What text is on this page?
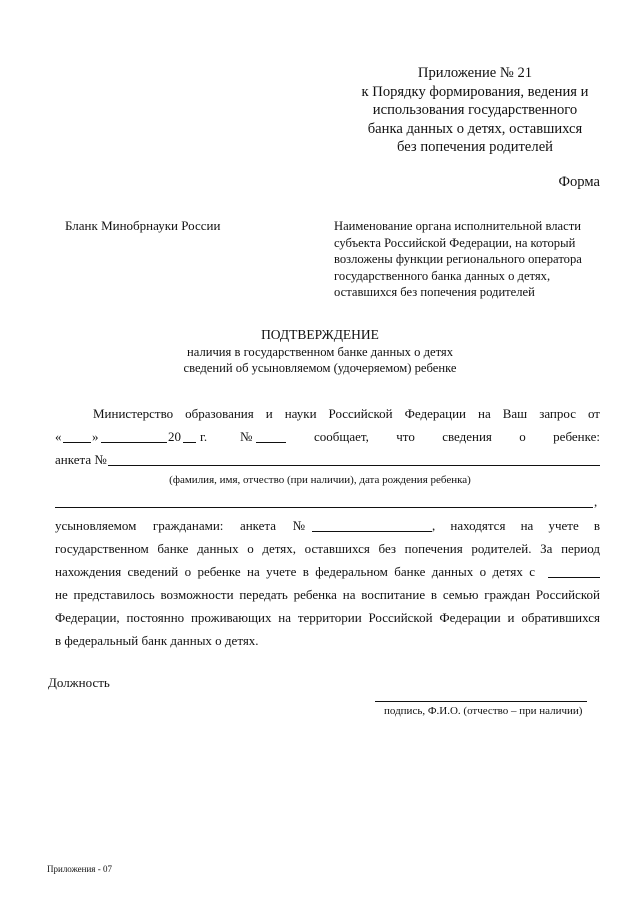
Приложение № 21
к Порядку формирования, ведения и
использования государственного
банка данных о детях, оставшихся
без попечения родителей
Форма
Бланк Минобрнауки России	Наименование органа исполнительной власти
субъекта Российской Федерации, на который
возложены функции регионального оператора
государственного банка данных о детях,
оставшихся без попечения родителей
ПОДТВЕРЖДЕНИЕ
наличия в государственном банке данных о детях
сведений об усыновляемом (удочеряемом) ребенке
Министерство образования и науки Российской Федерации на Ваш запрос от
« »	20 г.	№	сообщает, что сведения о ребенке:
анкета №
(фамилия, имя, отчество (при наличии), дата рождения ребенка)
,
усыновляемом гражданами: анкета №	, находятся на учете в
государственном банке данных о детях, оставшихся без попечения родителей. За период
нахождения сведений о ребенке на учете в федеральном банке данных о детях с
не представилось возможности передать ребенка на воспитание в семью граждан Российской
Федерации, постоянно проживающих на территории Российской Федерации и обратившихся
в федеральный банк данных о детях.
Должность
подпись, Ф.И.О. (отчество – при наличии)
Приложения - 07
